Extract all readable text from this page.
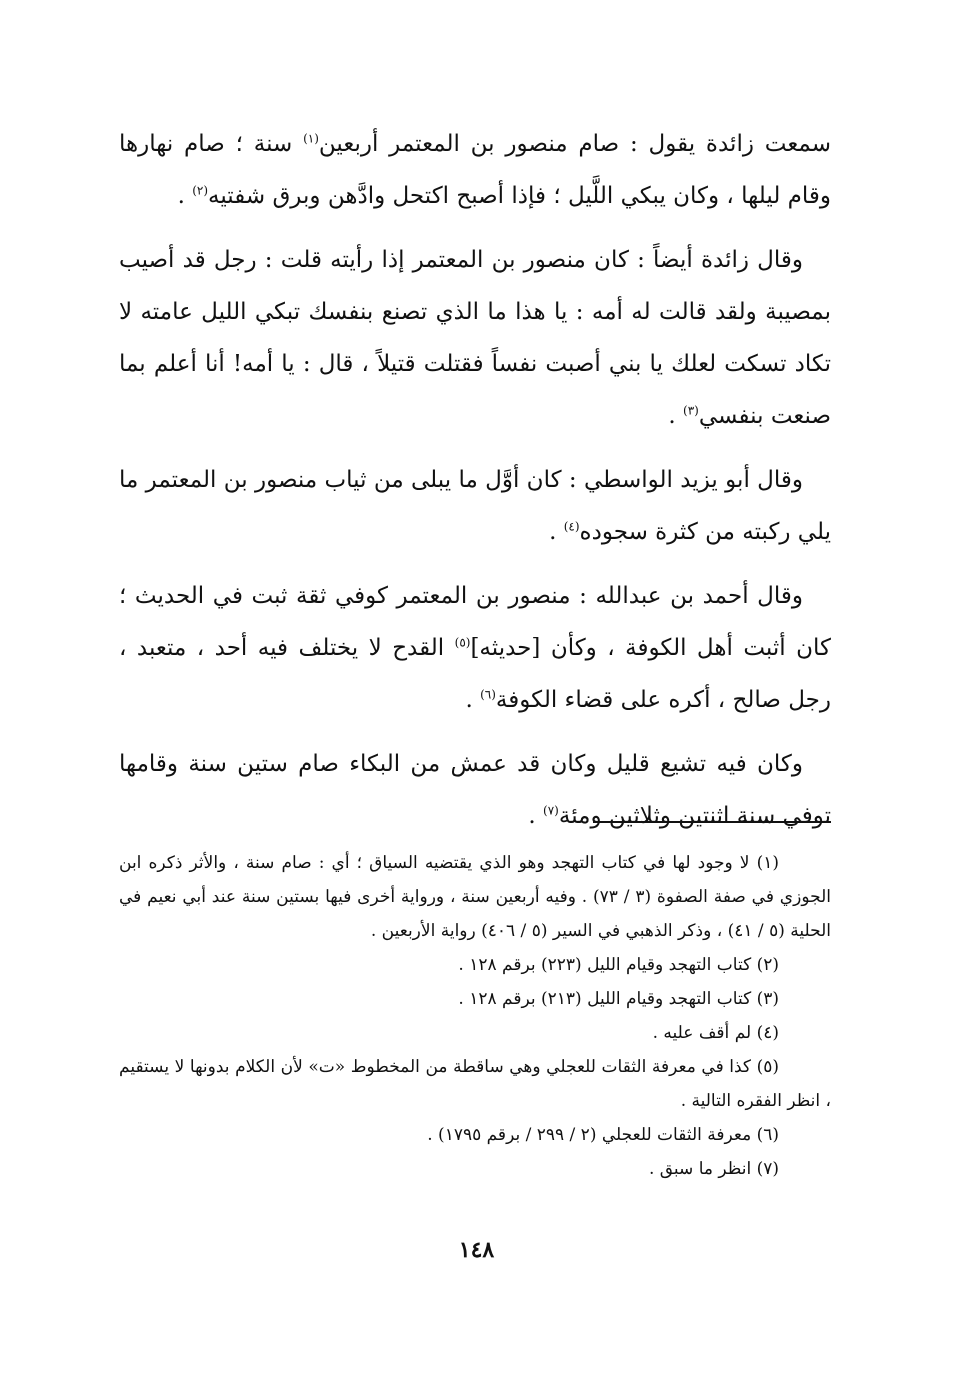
سمعت زائدة يقول : صام منصور بن المعتمر أربعين$^{(١)}$ سنة ؛ صام نهارها وقام ليلها ، وكان يبكي اللَّيل ؛ فإذا أصبح اكتحل وادَّهن وبرق شفتيه$^{(٢)}$ .

وقال زائدة أيضاً : كان منصور بن المعتمر إذا رأيته قلت : رجل قد أصيب بمصيبة ولقد قالت له أمه : يا هذا ما الذي تصنع بنفسك تبكي الليل عامته لا تكاد تسكت لعلك يا بني أصبت نفساً فقتلت قتيلاً ، قال : يا أمه! أنا أعلم بما صنعت بنفسي$^{(٣)}$ .

وقال أبو يزيد الواسطي : كان أوَّل ما يبلى من ثياب منصور بن المعتمر ما يلي ركبته من كثرة سجوده$^{(٤)}$ .

وقال أحمد بن عبدالله : منصور بن المعتمر كوفي ثقة ثبت في الحديث ؛ كان أثبت أهل الكوفة ، وكأن [حديثه]$^{(٥)}$ القدح لا يختلف فيه أحد ، متعبد ، رجل صالح ، أكره على قضاء الكوفة$^{(٦)}$ .

وكان فيه تشيع قليل وكان قد عمش من البكاء صام ستين سنة وقامها توفي سنة اثنتين وثلاثين ومئة$^{(٧)}$ .

(١) لا وجود لها في كتاب التهجد وهو الذي يقتضيه السياق ؛ أي : صام سنة ، والأثر ذكره ابن الجوزي في صفة الصفوة (٣ / ٧٣) . وفيه أربعين سنة ، ورواية أخرى فيها بستين سنة عند أبي نعيم في الحلية (٥ / ٤١) ، وذكر الذهبي في السير (٥ / ٤٠٦) رواية الأربعين .

(٢) كتاب التهجد وقيام الليل (٢٢٣) برقم ١٢٨ .

(٣) كتاب التهجد وقيام الليل (٢١٣) برقم ١٢٨ .

(٤) لم أقف عليه .

(٥) كذا في معرفة الثقات للعجلي وهي ساقطة من المخطوط «ت» لأن الكلام بدونها لا يستقيم ، انظر الفقره التالية .

(٦) معرفة الثقات للعجلي (٢ / ٢٩٩ / برقم ١٧٩٥) .

(٧) انظر ما سبق .

١٤٨
